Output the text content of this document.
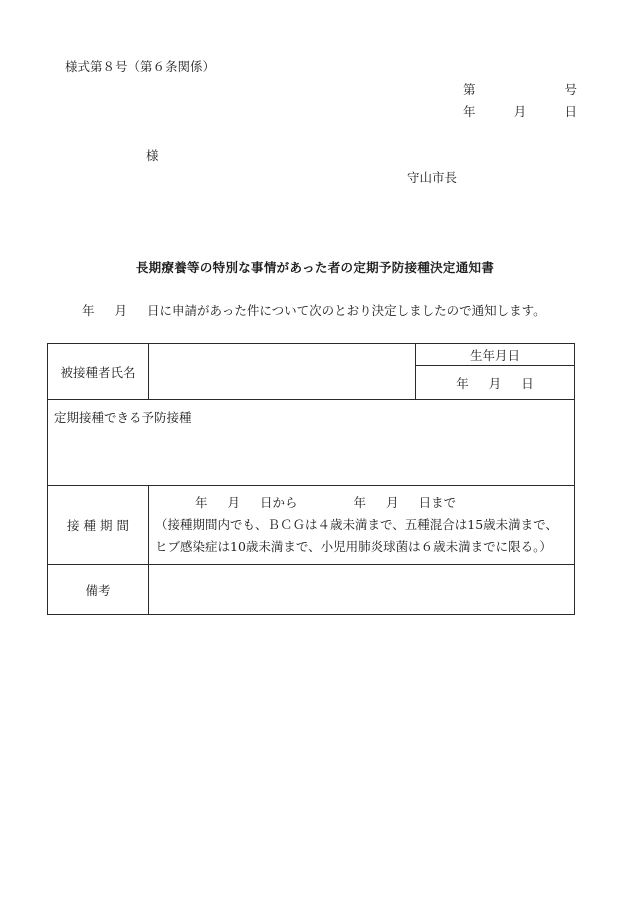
様式第８号（第６条関係）
第	号
年	月	日
様
守山市長
長期療養等の特別な事情があった者の定期予防接種決定通知書
年 月 日に申請があった件について次のとおり決定しましたので通知します。
被接種者氏名		生年月日
		年 月 日
定期接種できる予防接種		
接 種 期 間	年 月 日から 年 月 日まで
（接種期間内でも、ＢＣＧは４歳未満まで、五種混合は15歳未満まで、
ヒブ感染症は10歳未満まで、小児用肺炎球菌は６歳未満までに限る。）	

備考		
